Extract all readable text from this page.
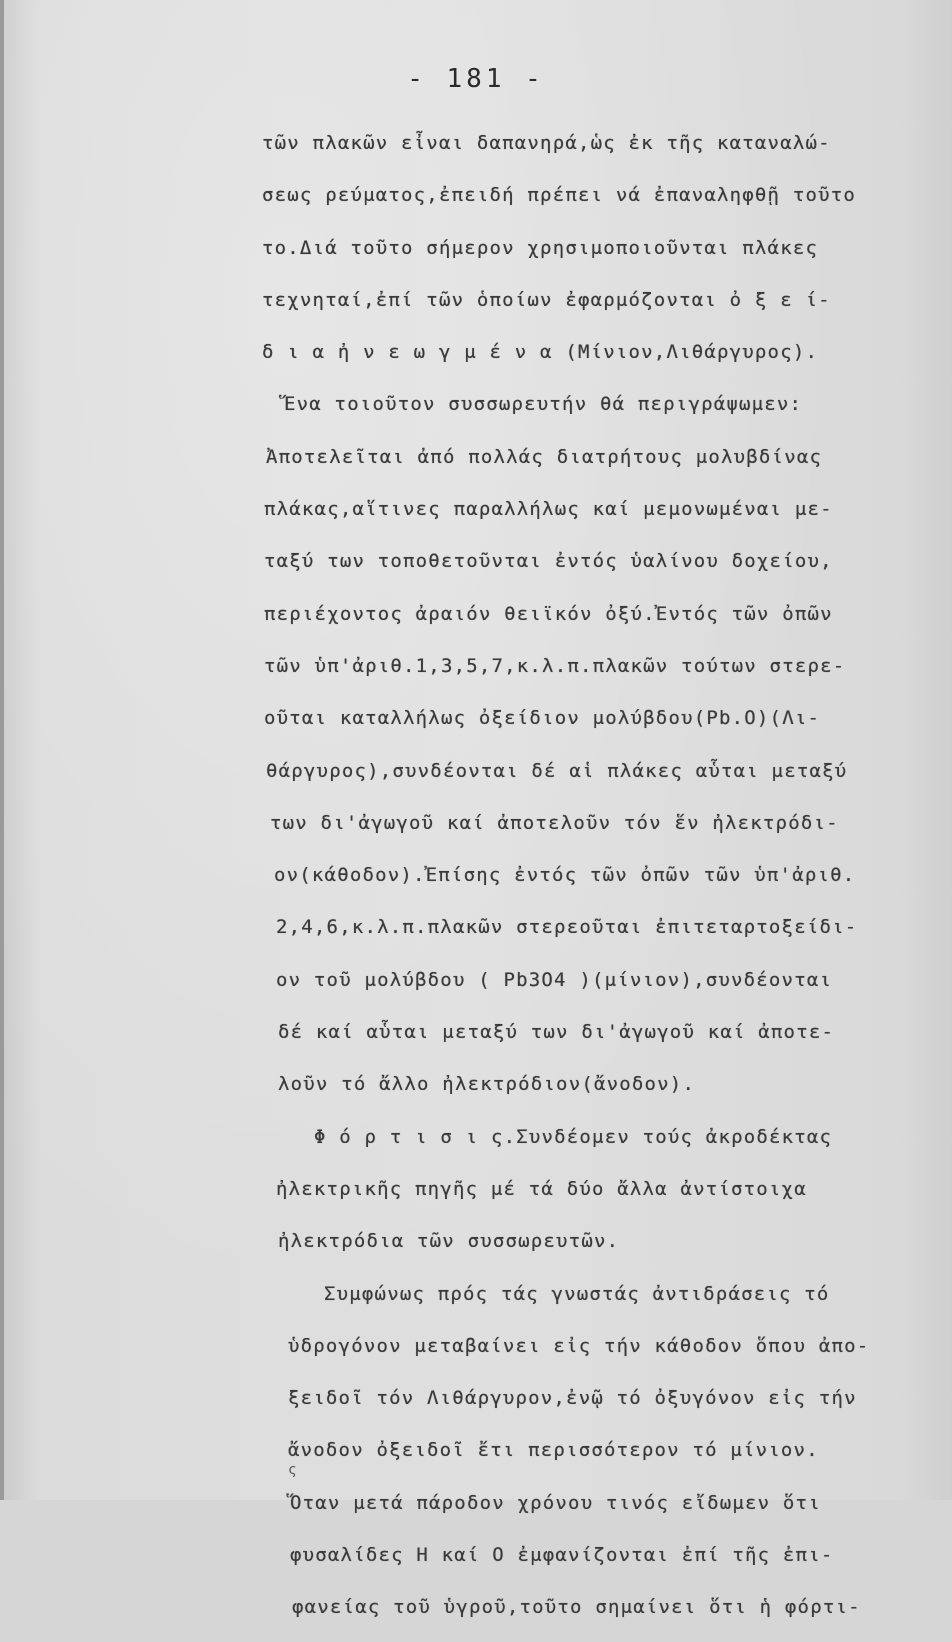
- 181 -
τῶν πλακῶν εἶναι δαπανηρά,ὡς ἐκ τῆς καταναλώ-
σεως ρεύματος,ἐπειδή πρέπει νά ἐπαναληφθῇ τοῦτο
το.Διά τοῦτο σήμερον χρησιμοποιοῦνται πλάκες
τεχνηταί,ἐπί τῶν ὁποίων ἐφαρμόζονται ὀ ξ ε ί-
δ ι α ἠ ν ε ω γ μ έ ν α (Μίνιον,Λιθάργυρος).
Ἕνα τοιοῦτον συσσωρευτήν θά περιγράψωμεν:
Ἀποτελεῖται ἀπό πολλάς διατρήτους μολυβδίνας
πλάκας,αἵτινες παραλλήλως καί μεμονωμέναι με-
ταξύ των τοποθετοῦνται ἐντός ὑαλίνου δοχείου,
περιέχοντος ἀραιόν θειϊκόν ὀξύ.Ἐντός τῶν ὀπῶν
τῶν ὑπ'ἀριθ.1,3,5,7,κ.λ.π.πλακῶν τούτων στερε-
οῦται καταλλήλως ὀξείδιον μολύβδου(Pb.O)(Λι-
θάργυρος),συνδέονται δέ αἱ πλάκες αὗται μεταξύ
των δι'ἀγωγοῦ καί ἀποτελοῦν τόν ἕν ἠλεκτρόδι-
ον(κάθοδον).Ἐπίσης ἐντός τῶν ὀπῶν τῶν ὑπ'ἀριθ.
2,4,6,κ.λ.π.πλακῶν στερεοῦται ἐπιτεταρτοξείδι-
ον τοῦ μολύβδου ( Pb3O4 )(μίνιον),συνδέονται
δέ καί αὗται μεταξύ των δι'ἀγωγοῦ καί ἀποτε-
λοῦν τό ἄλλο ἠλεκτρόδιον(ἄνοδον).
Φ ό ρ τ ι σ ι ς.Συνδέομεν τούς ἀκροδέκτας
ἠλεκτρικῆς πηγῆς μέ τά δύο ἄλλα ἀντίστοιχα
ἠλεκτρόδια τῶν συσσωρευτῶν.
Συμφώνως πρός τάς γνωστάς ἀντιδράσεις τό
ὑδρογόνον μεταβαίνει εἰς τήν κάθοδον ὅπου ἀπο-
ξειδοῖ τόν Λιθάργυρον,ἐνῷ τό ὀξυγόνον εἰς τήν
ἄνοδον ὀξειδοῖ ἔτι περισσότερον τό μίνιον.
Ὅταν μετά πάροδον χρόνου τινός εἴδωμεν ὅτι
φυσαλίδες Η καί Ο ἐμφανίζονται ἐπί τῆς ἐπι-
φανείας τοῦ ὑγροῦ,τοῦτο σημαίνει ὅτι ἡ φόρτι-
ς
